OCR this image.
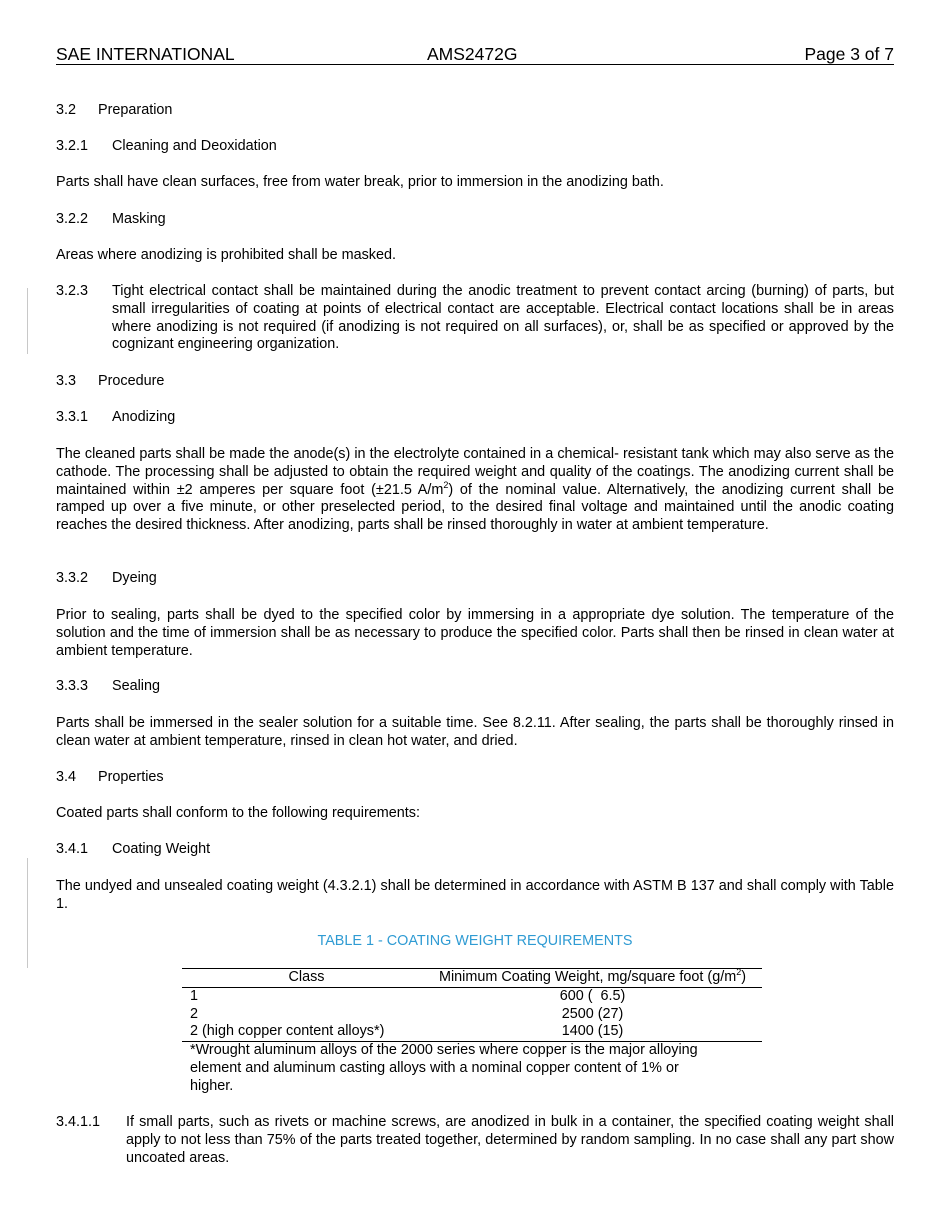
SAE INTERNATIONAL	AMS2472G	Page 3 of 7
3.2 Preparation
3.2.1 Cleaning and Deoxidation
Parts shall have clean surfaces, free from water break, prior to immersion in the anodizing bath.
3.2.2 Masking
Areas where anodizing is prohibited shall be masked.
3.2.3 Tight electrical contact shall be maintained during the anodic treatment to prevent contact arcing (burning) of parts, but small irregularities of coating at points of electrical contact are acceptable. Electrical contact locations shall be in areas where anodizing is not required (if anodizing is not required on all surfaces), or, shall be as specified or approved by the cognizant engineering organization.
3.3 Procedure
3.3.1 Anodizing
The cleaned parts shall be made the anode(s) in the electrolyte contained in a chemical- resistant tank which may also serve as the cathode. The processing shall be adjusted to obtain the required weight and quality of the coatings. The anodizing current shall be maintained within ±2 amperes per square foot (±21.5 $A/m^2$) of the nominal value. Alternatively, the anodizing current shall be ramped up over a five minute, or other preselected period, to the desired final voltage and maintained until the anodic coating reaches the desired thickness. After anodizing, parts shall be rinsed thoroughly in water at ambient temperature.
3.3.2 Dyeing
Prior to sealing, parts shall be dyed to the specified color by immersing in a appropriate dye solution. The temperature of the solution and the time of immersion shall be as necessary to produce the specified color. Parts shall then be rinsed in clean water at ambient temperature.
3.3.3 Sealing
Parts shall be immersed in the sealer solution for a suitable time. See 8.2.11. After sealing, the parts shall be thoroughly rinsed in clean water at ambient temperature, rinsed in clean hot water, and dried.
3.4 Properties
Coated parts shall conform to the following requirements:
3.4.1 Coating Weight
The undyed and unsealed coating weight (4.3.2.1) shall be determined in accordance with ASTM B 137 and shall comply with Table 1.
TABLE 1 - COATING WEIGHT REQUIREMENTS
Class	Minimum Coating Weight, mg/square foot $(g/m^2)$
1	600 (  6.5)
2	2500 (27)
2 (high copper content alloys*)	1400 (15)
*Wrought aluminum alloys of the 2000 series where copper is the major alloying element and aluminum casting alloys with a nominal copper content of 1% or higher.
3.4.1.1 If small parts, such as rivets or machine screws, are anodized in bulk in a container, the specified coating weight shall apply to not less than 75% of the parts treated together, determined by random sampling. In no case shall any part show uncoated areas.
